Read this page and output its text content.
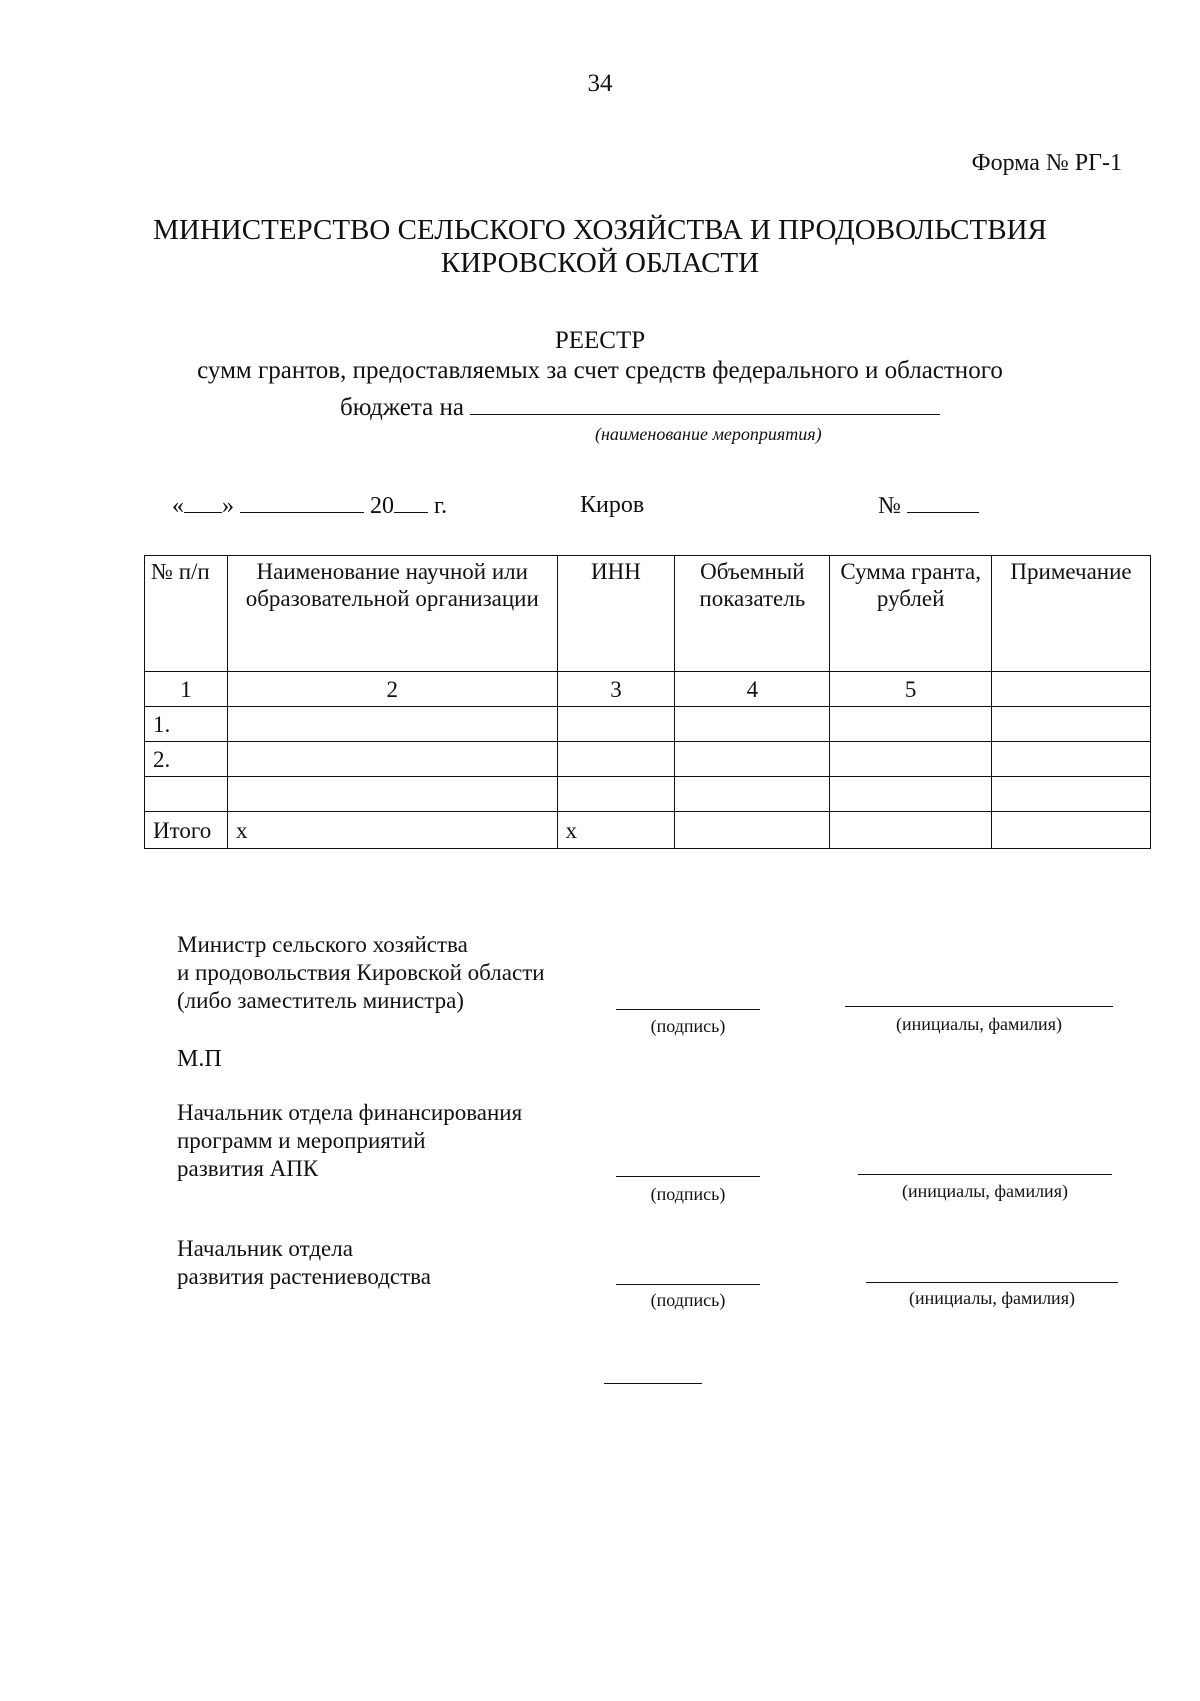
34
Форма № РГ-1
МИНИСТЕРСТВО СЕЛЬСКОГО ХОЗЯЙСТВА И ПРОДОВОЛЬСТВИЯ
КИРОВСКОЙ ОБЛАСТИ
РЕЕСТР
сумм грантов, предоставляемых за счет средств федерального и областного
бюджета на
(наименование мероприятия)
« »	20 г.	Киров	№
№ п/п	Наименование научной или образовательной организации	ИНН	Объемный показатель	Сумма гранта, рублей	Примечание
1	2	3	4	5	
1.					
2.					

Итого	x	x			
Министр сельского хозяйства
и продовольствия Кировской области
(либо заместитель министра)
(подпись)	(инициалы, фамилия)
М.П
Начальник отдела финансирования
программ и мероприятий
развития АПК
(подпись)	(инициалы, фамилия)
Начальник отдела
развития растениеводства
(подпись)	(инициалы, фамилия)
